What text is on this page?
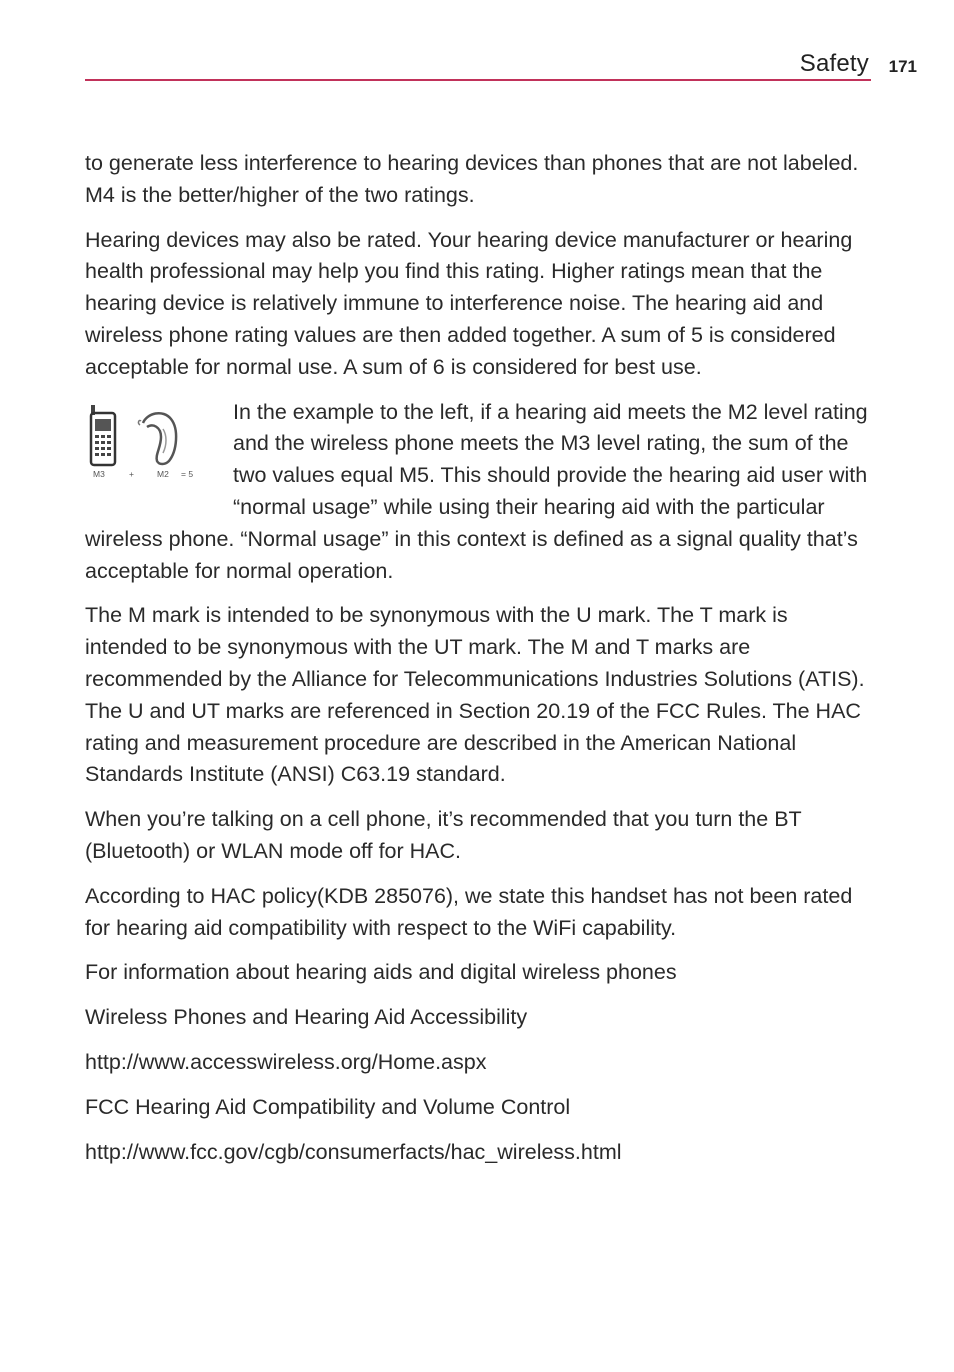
Safety 171

to generate less interference to hearing devices than phones that are not labeled. M4 is the better/higher of the two ratings.

Hearing devices may also be rated. Your hearing device manufacturer or hearing health professional may help you find this rating. Higher ratings mean that the hearing device is relatively immune to interference noise. The hearing aid and wireless phone rating values are then added together. A sum of 5 is considered acceptable for normal use. A sum of 6 is considered for best use.

M3	+	M2 = 5

In the example to the left, if a hearing aid meets the M2 level rating and the wireless phone meets the M3 level rating, the sum of the two values equal M5. This should provide the hearing aid user with “normal usage” while using their hearing aid with the particular wireless phone. “Normal usage” in this context is defined as a signal quality that’s acceptable for normal operation.

The M mark is intended to be synonymous with the U mark. The T mark is intended to be synonymous with the UT mark. The M and T marks are recommended by the Alliance for Telecommunications Industries Solutions (ATIS). The U and UT marks are referenced in Section 20.19 of the FCC Rules. The HAC rating and measurement procedure are described in the American National Standards Institute (ANSI) C63.19 standard.

When you’re talking on a cell phone, it’s recommended that you turn the BT (Bluetooth) or WLAN mode off for HAC.

According to HAC policy(KDB 285076), we state this handset has not been rated for hearing aid compatibility with respect to the WiFi capability.

For information about hearing aids and digital wireless phones

Wireless Phones and Hearing Aid Accessibility

http://www.accesswireless.org/Home.aspx

FCC Hearing Aid Compatibility and Volume Control

http://www.fcc.gov/cgb/consumerfacts/hac_wireless.html
